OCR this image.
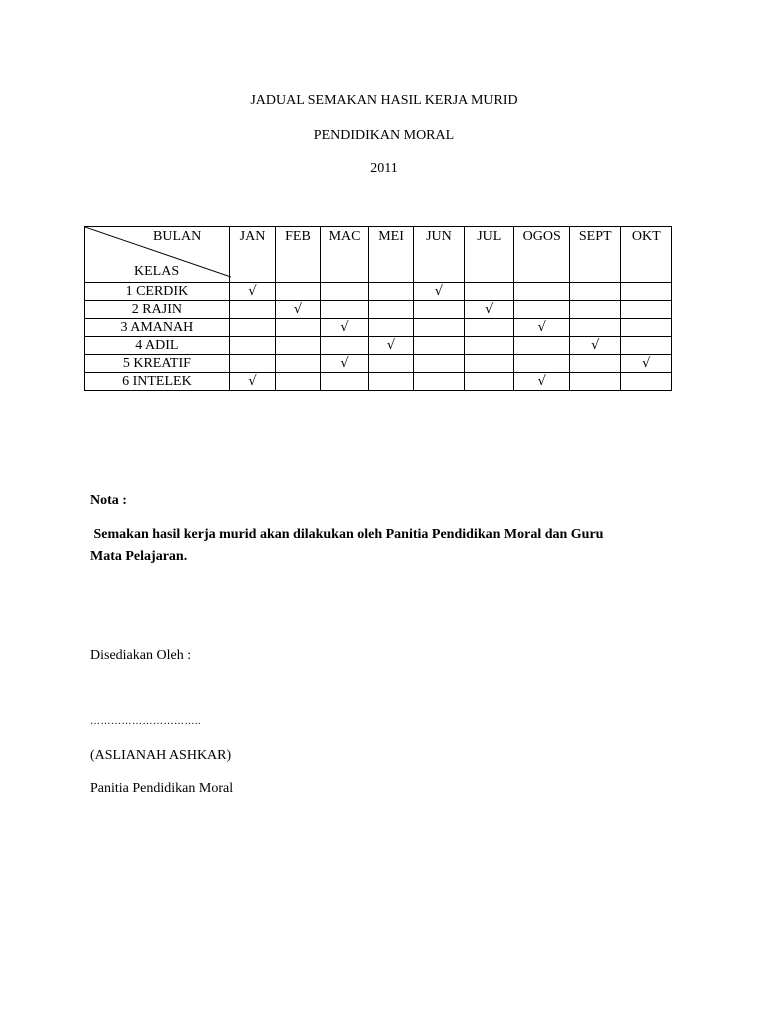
JADUAL SEMAKAN HASIL KERJA MURID
PENDIDIKAN MORAL
2011
BULAN
KELAS	JAN	FEB	MAC	MEI	JUN	JUL	OGOS	SEPT	OKT
1 CERDIK	√				√				
2 RAJIN		√				√			
3 AMANAH			√				√		
4 ADIL				√				√	
5 KREATIF			√						√
6 INTELEK	√						√		
Nota :
Semakan hasil kerja murid akan dilakukan oleh Panitia Pendidikan Moral dan Guru
Mata Pelajaran.
Disediakan Oleh :
…………………………..
(ASLIANAH ASHKAR)
Panitia Pendidikan Moral
